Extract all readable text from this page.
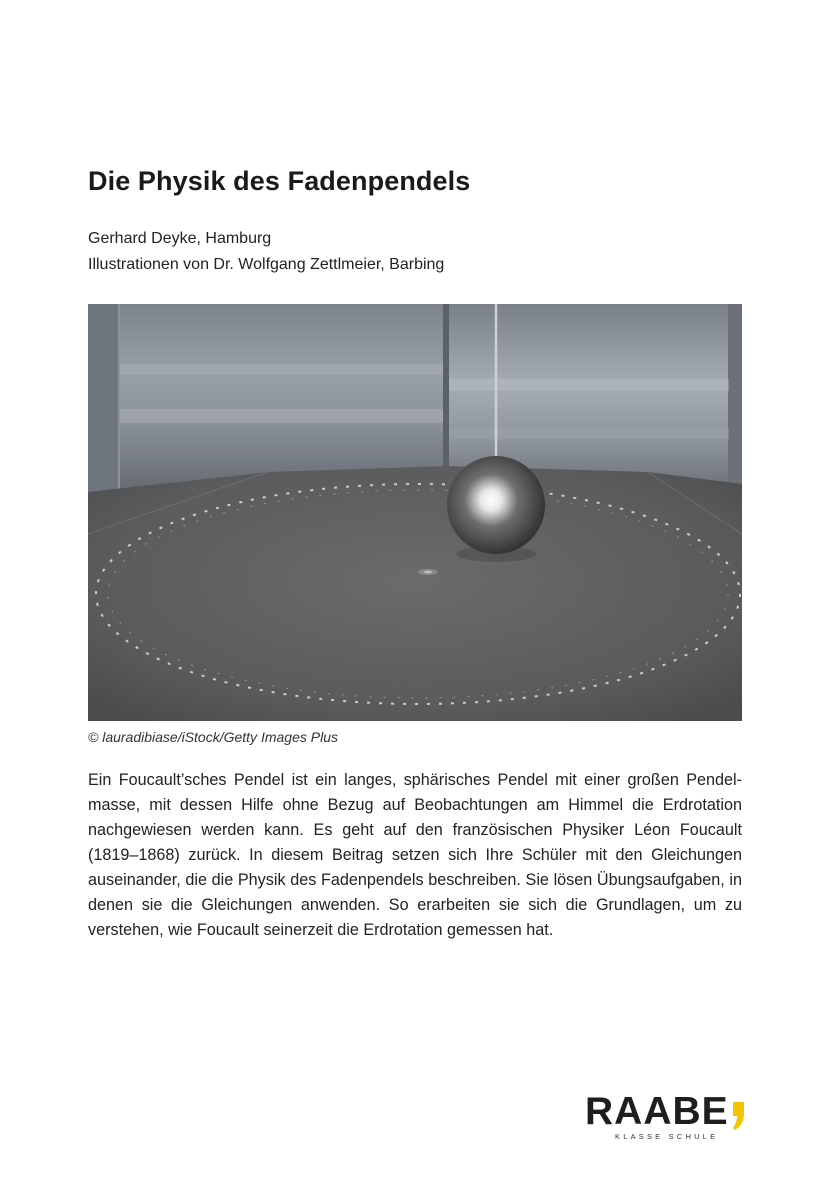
Die Physik des Fadenpendels
Gerhard Deyke, Hamburg
Illustrationen von Dr. Wolfgang Zettlmeier, Barbing
© lauradibiase/iStock/Getty Images Plus
Ein Foucault’sches Pendel ist ein langes, sphärisches Pendel mit einer großen Pendelmasse, mit dessen Hilfe ohne Bezug auf Beobachtungen am Himmel die Erdrotation nachgewiesen werden kann. Es geht auf den französischen Physiker Léon Foucault (1819–1868) zurück. In diesem Beitrag setzen sich Ihre Schüler mit den Gleichungen auseinander, die die Physik des Fadenpendels beschreiben. Sie lösen Übungsaufgaben, in denen sie die Gleichungen anwenden. So erarbeiten sie sich die Grundlagen, um zu verstehen, wie Foucault seinerzeit die Erdrotation gemessen hat.
RAABE
KLASSE SCHULE
